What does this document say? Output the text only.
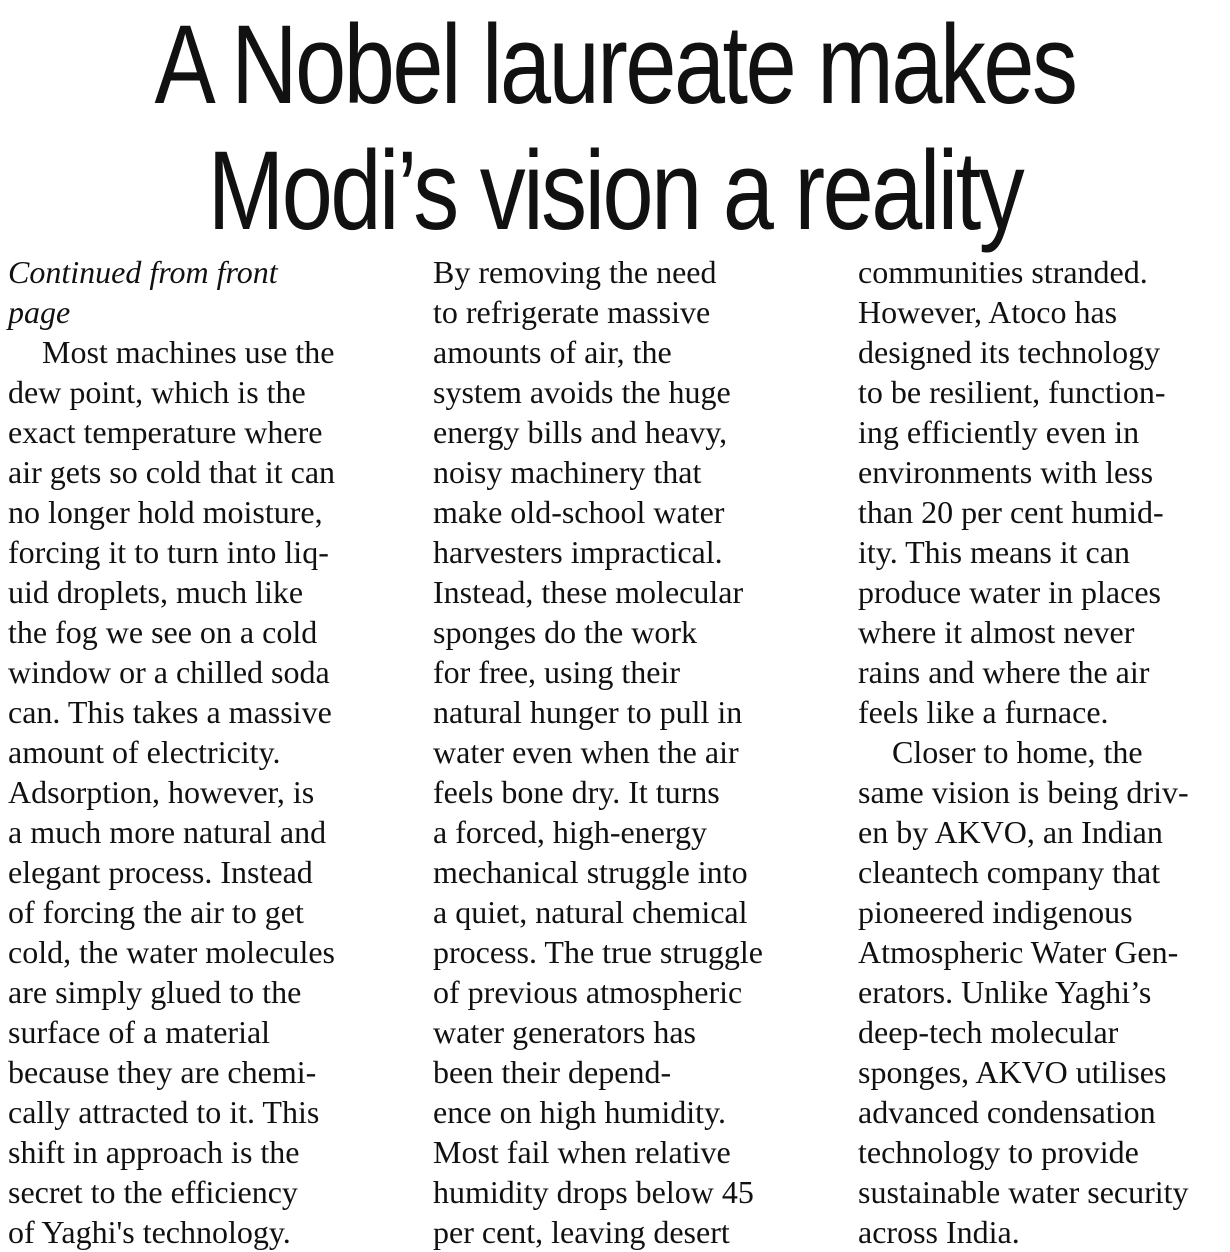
A Nobel laureate makes
Modi’s vision a reality
Continued from front
page
Most machines use the
dew point, which is the
exact temperature where
air gets so cold that it can
no longer hold moisture,
forcing it to turn into liq-
uid droplets, much like
the fog we see on a cold
window or a chilled soda
can. This takes a massive
amount of electricity.
Adsorption, however, is
a much more natural and
elegant process. Instead
of forcing the air to get
cold, the water molecules
are simply glued to the
surface of a material
because they are chemi-
cally attracted to it. This
shift in approach is the
secret to the efficiency
of Yaghi's technology.
By removing the need
to refrigerate massive
amounts of air, the
system avoids the huge
energy bills and heavy,
noisy machinery that
make old-school water
harvesters impractical.
Instead, these molecular
sponges do the work
for free, using their
natural hunger to pull in
water even when the air
feels bone dry. It turns
a forced, high-energy
mechanical struggle into
a quiet, natural chemical
process. The true struggle
of previous atmospheric
water generators has
been their depend-
ence on high humidity.
Most fail when relative
humidity drops below 45
per cent, leaving desert
communities stranded.
However, Atoco has
designed its technology
to be resilient, function-
ing efficiently even in
environments with less
than 20 per cent humid-
ity. This means it can
produce water in places
where it almost never
rains and where the air
feels like a furnace.
Closer to home, the
same vision is being driv-
en by AKVO, an Indian
cleantech company that
pioneered indigenous
Atmospheric Water Gen-
erators. Unlike Yaghi’s
deep-tech molecular
sponges, AKVO utilises
advanced condensation
technology to provide
sustainable water security
across India.
